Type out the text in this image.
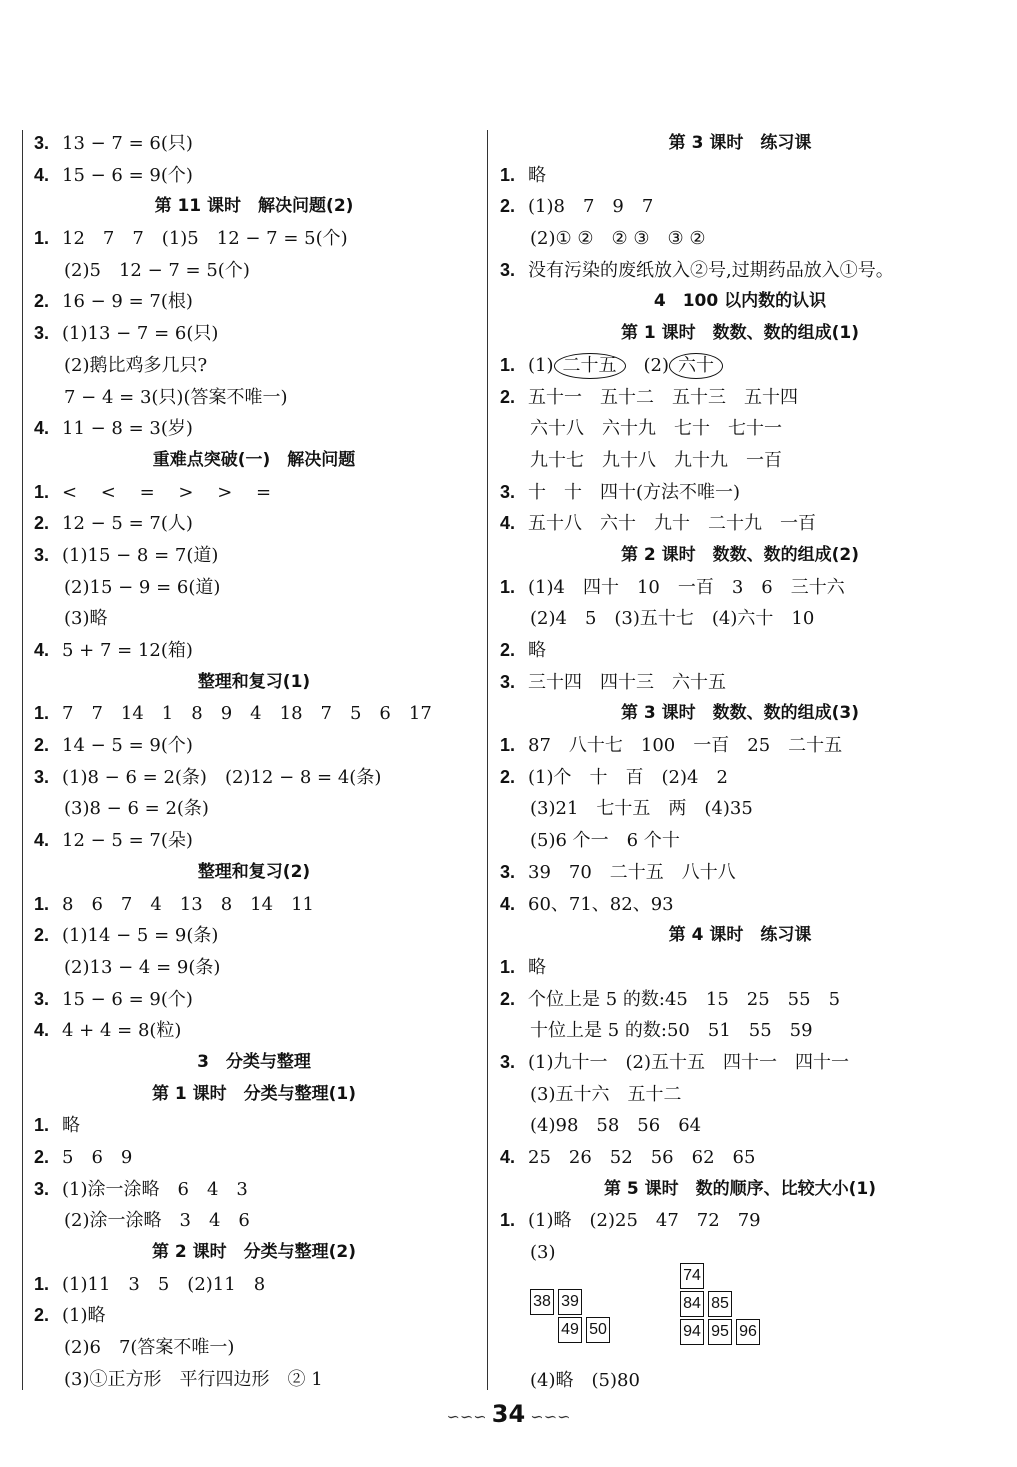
3. 13 − 7 = 6(只)
4. 15 − 6 = 9(个)
第 11 课时　解决问题(2)
1. 12　7　7　(1)5　12 − 7 = 5(个)
(2)5　12 − 7 = 5(个)
2. 16 − 9 = 7(根)
3. (1)13 − 7 = 6(只)
(2)鹅比鸡多几只?
7 − 4 = 3(只)(答案不唯一)
4. 11 − 8 = 3(岁)
重难点突破(一)　解决问题
1. <　 <　 =　 >　 >　 =
2. 12 − 5 = 7(人)
3. (1)15 − 8 = 7(道)
(2)15 − 9 = 6(道)
(3)略
4. 5 + 7 = 12(箱)
整理和复习(1)
1. 7　7　14　1　8　9　4　18　7　5　6　17
2. 14 − 5 = 9(个)
3. (1)8 − 6 = 2(条)　(2)12 − 8 = 4(条)
(3)8 − 6 = 2(条)
4. 12 − 5 = 7(朵)
整理和复习(2)
1. 8　6　7　4　13　8　14　11
2. (1)14 − 5 = 9(条)
(2)13 − 4 = 9(条)
3. 15 − 6 = 9(个)
4. 4 + 4 = 8(粒)
3　分类与整理
第 1 课时　分类与整理(1)
1. 略
2. 5　6　9
3. (1)涂一涂略　6　4　3
(2)涂一涂略　3　4　6
第 2 课时　分类与整理(2)
1. (1)11　3　5　(2)11　8
2. (1)略
(2)6　7(答案不唯一)
(3)①正方形　平行四边形　② 1
第 3 课时　练习课
1. 略
2. (1)8　7　9　7
(2)① ②　② ③　③ ②
3. 没有污染的废纸放入②号,过期药品放入①号。
4　100 以内数的认识
第 1 课时　数数、数的组成(1)
1. (1) 二十五　(2) 六十
2. 五十一　五十二　五十三　五十四
六十八　六十九　七十　七十一
九十七　九十八　九十九　一百
3. 十　十　四十(方法不唯一)
4. 五十八　六十　九十　二十九　一百
第 2 课时　数数、数的组成(2)
1. (1)4　四十　10　一百　3　6　三十六
(2)4　5　(3)五十七　(4)六十　10
2. 略
3. 三十四　四十三　六十五
第 3 课时　数数、数的组成(3)
1. 87　八十七　100　一百　25　二十五
2. (1)个　十　百　(2)4　2
(3)21　七十五　两　(4)35
(5)6 个一　6 个十
3. 39　70　二十五　八十八
4. 60、71、82、93
第 4 课时　练习课
1. 略
2. 个位上是 5 的数:45　15　25　55　5
十位上是 5 的数:50　51　55　59
3. (1)九十一　(2)五十五　四十一　四十一
(3)五十六　五十二
(4)98　58　56　64
4. 25　26　52　56　62　65
第 5 课时　数的顺序、比较大小(1)
1. (1)略　(2)25　47　72　79
(3)
38 39
49 50
74
84 85
94 95 96
(4)略　(5)80
∽∽∽ 34 ∽∽∽
